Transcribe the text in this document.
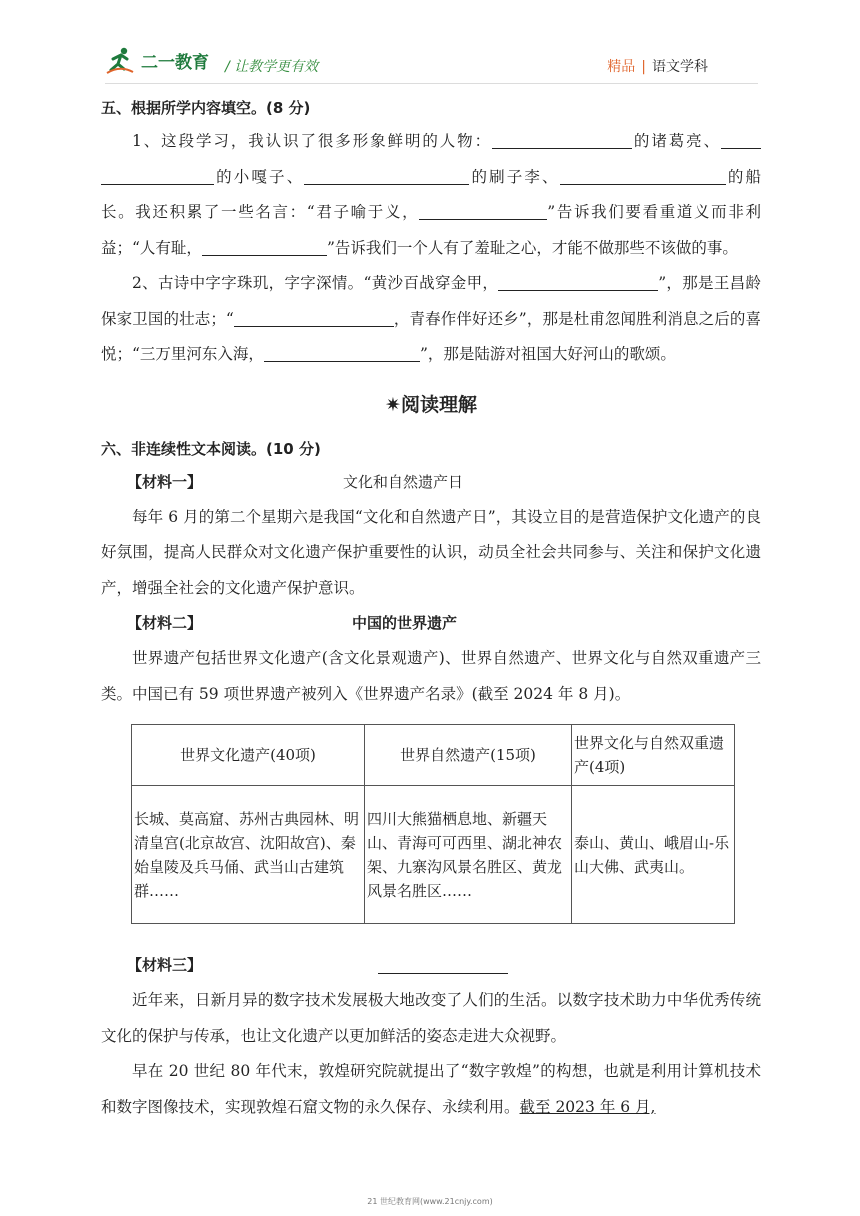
二一教育 / 让教学更有效	精品 | 语文学科
五、根据所学内容填空。(8 分)

1、这段学习，我认识了很多形象鲜明的人物：	的诸葛亮、的小嘎子、	的刷子李、	的船长。我还积累了一些名言：“君子喻于义，	”告诉我们要看重道义而非利益；“人有耻，	”告诉我们一个人有了羞耻之心，才能不做那些不该做的事。

2、古诗中字字珠玑，字字深情。“黄沙百战穿金甲，	”，那是王昌龄保家卫国的壮志；“	，青春作伴好还乡”，那是杜甫忽闻胜利消息之后的喜悦；“三万里河东入海，	”，那是陆游对祖国大好河山的歌颂。

✷阅读理解
六、非连续性文本阅读。(10 分)
【材料一】	文化和自然遗产日

每年 6 月的第二个星期六是我国“文化和自然遗产日”，其设立目的是营造保护文化遗产的良好氛围，提高人民群众对文化遗产保护重要性的认识，动员全社会共同参与、关注和保护文化遗产，增强全社会的文化遗产保护意识。

【材料二】	中国的世界遗产

世界遗产包括世界文化遗产(含文化景观遗产)、世界自然遗产、世界文化与自然双重遗产三类。中国已有 59 项世界遗产被列入《世界遗产名录》(截至 2024 年 8 月)。

世界文化遗产(40项)	世界自然遗产(15项)	世界文化与自然双重遗产(4项)
长城、莫高窟、苏州古典园林、明清皇宫(北京故宫、沈阳故宫)、秦始皇陵及兵马俑、武当山古建筑群……	四川大熊猫栖息地、新疆天山、青海可可西里、湖北神农架、九寨沟风景名胜区、黄龙风景名胜区……	泰山、黄山、峨眉山-乐山大佛、武夷山。
【材料三】

近年来，日新月异的数字技术发展极大地改变了人们的生活。以数字技术助力中华优秀传统文化的保护与传承，也让文化遗产以更加鲜活的姿态走进大众视野。

早在 20 世纪 80 年代末，敦煌研究院就提出了“数字敦煌”的构想，也就是利用计算机技术和数字图像技术，实现敦煌石窟文物的永久保存、永续利用。截至 2023 年 6 月,

21 世纪教育网(www.21cnjy.com)
